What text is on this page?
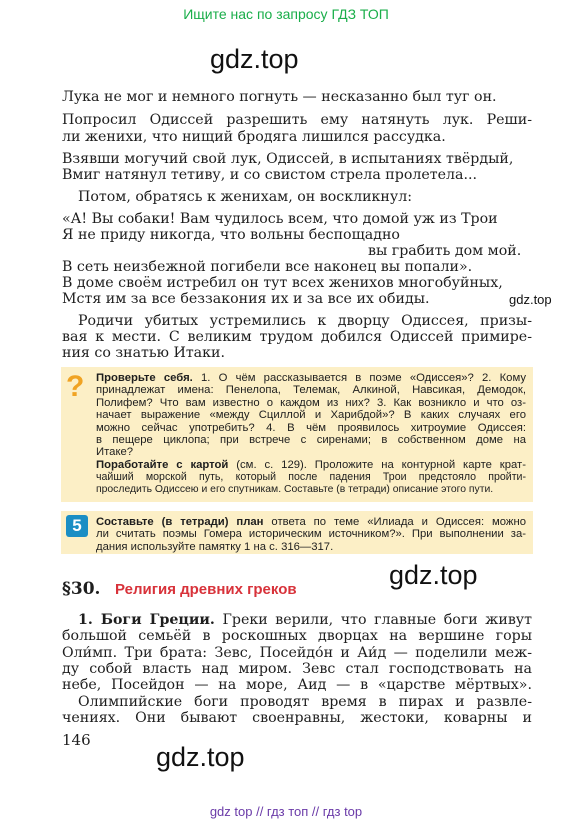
Ищите нас по запросу ГДЗ ТОП
gdz.top
Лука не мог и немного погнуть — несказанно был туг он.
Попросил Одиссей разрешить ему натянуть лук. Реши-
ли женихи, что нищий бродяга лишился рассудка.
Взявши могучий свой лук, Одиссей, в испытаниях твёрдый,
Вмиг натянул тетиву, и со свистом стрела пролетела...
Потом, обратясь к женихам, он воскликнул:
«А! Вы собаки! Вам чудилось всем, что домой уж из Трои
Я не приду никогда, что вольны беспощадно
вы грабить дом мой.
В сеть неизбежной погибели все наконец вы попали».
В доме своём истребил он тут всех женихов многобуйных,
Мстя им за все беззакония их и за все их обиды.	gdz.top
Родичи убитых устремились к дворцу Одиссея, призы-
вая к мести. С великим трудом добился Одиссей примире-
ния со знатью Итаки.
? Проверьте себя. 1. О чём рассказывается в поэме «Одиссея»? 2. Кому
принадлежат имена: Пенелопа, Телемак, Алкиной, Навсикая, Демодок,
Полифем? Что вам известно о каждом из них? 3. Как возникло и что оз-
начает выражение «между Сциллой и Харибдой»? В каких случаях его
можно сейчас употребить? 4. В чём проявилось хитроумие Одиссея:
в пещере циклопа; при встрече с сиренами; в собственном доме на
Итаке?
Поработайте с картой (см. с. 129). Проложите на контурной карте крат-
чайший морской путь, который после падения Трои предстояло пройти-
проследить Одиссею и его спутникам. Составьте (в тетради) описание этого пути.
5	Составьте (в тетради) план ответа по теме «Илиада и Одиссея: можно
ли считать поэмы Гомера историческим источником?». При выполнении за-
дания используйте памятку 1 на с. 316—317.
gdz.top
§30. Религия древних греков
1. Боги Греции. Греки верили, что главные боги живут
большой семьёй в роскошных дворцах на вершине горы
Оли́мп. Три брата: Зевс, Посейдо́н и Аи́д — поделили меж-
ду собой власть над миром. Зевс стал господствовать на
небе, Посейдон — на море, Аид — в «царстве мёртвых».
Олимпийские боги проводят время в пирах и развле-
чениях. Они бывают своенравны, жестоки, коварны и
146
gdz.top
gdz top // гдз топ // гдз top
